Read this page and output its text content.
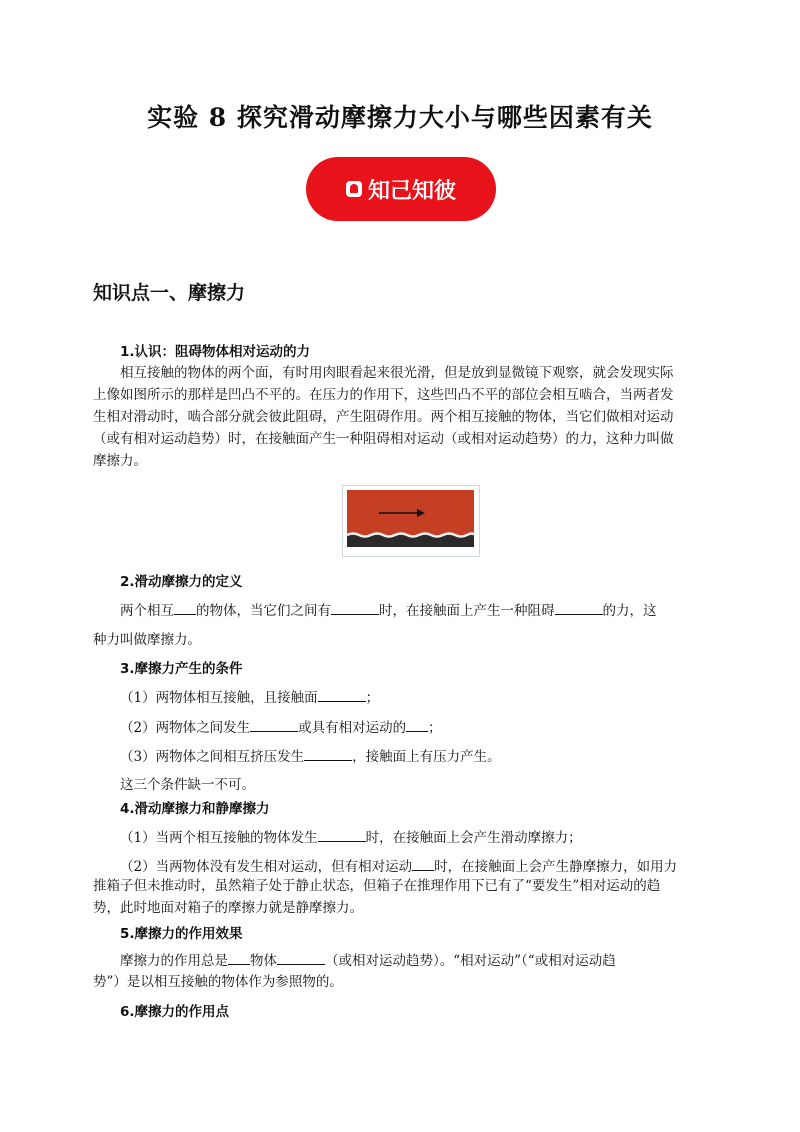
实验 8 探究滑动摩擦力大小与哪些因素有关
知己知彼
知识点一、摩擦力
1.认识：阻碍物体相对运动的力
相互接触的物体的两个面，有时用肉眼看起来很光滑，但是放到显微镜下观察，就会发现实际
上像如图所示的那样是凹凸不平的。在压力的作用下，这些凹凸不平的部位会相互啮合，当两者发
生相对滑动时，啮合部分就会彼此阻碍，产生阻碍作用。两个相互接触的物体，当它们做相对运动
（或有相对运动趋势）时，在接触面产生一种阻碍相对运动（或相对运动趋势）的力，这种力叫做
摩擦力。
2.滑动摩擦力的定义
两个相互 的物体，当它们之间有	时，在接触面上产生一种阻碍	的力，这
种力叫做摩擦力。
3.摩擦力产生的条件
（1）两物体相互接触，且接触面	；
（2）两物体之间发生	或具有相对运动的 ；
（3）两物体之间相互挤压发生	，接触面上有压力产生。
这三个条件缺一不可。
4.滑动摩擦力和静摩擦力
（1）当两个相互接触的物体发生	时，在接触面上会产生滑动摩擦力；
（2）当两物体没有发生相对运动，但有相对运动 时，在接触面上会产生静摩擦力，如用力
推箱子但未推动时，虽然箱子处于静止状态，但箱子在推理作用下已有了“要发生”相对运动的趋
势，此时地面对箱子的摩擦力就是静摩擦力。
5.摩擦力的作用效果
摩擦力的作用总是 物体	（或相对运动趋势）。“相对运动”（“或相对运动趋
势”）是以相互接触的物体作为参照物的。
6.摩擦力的作用点
